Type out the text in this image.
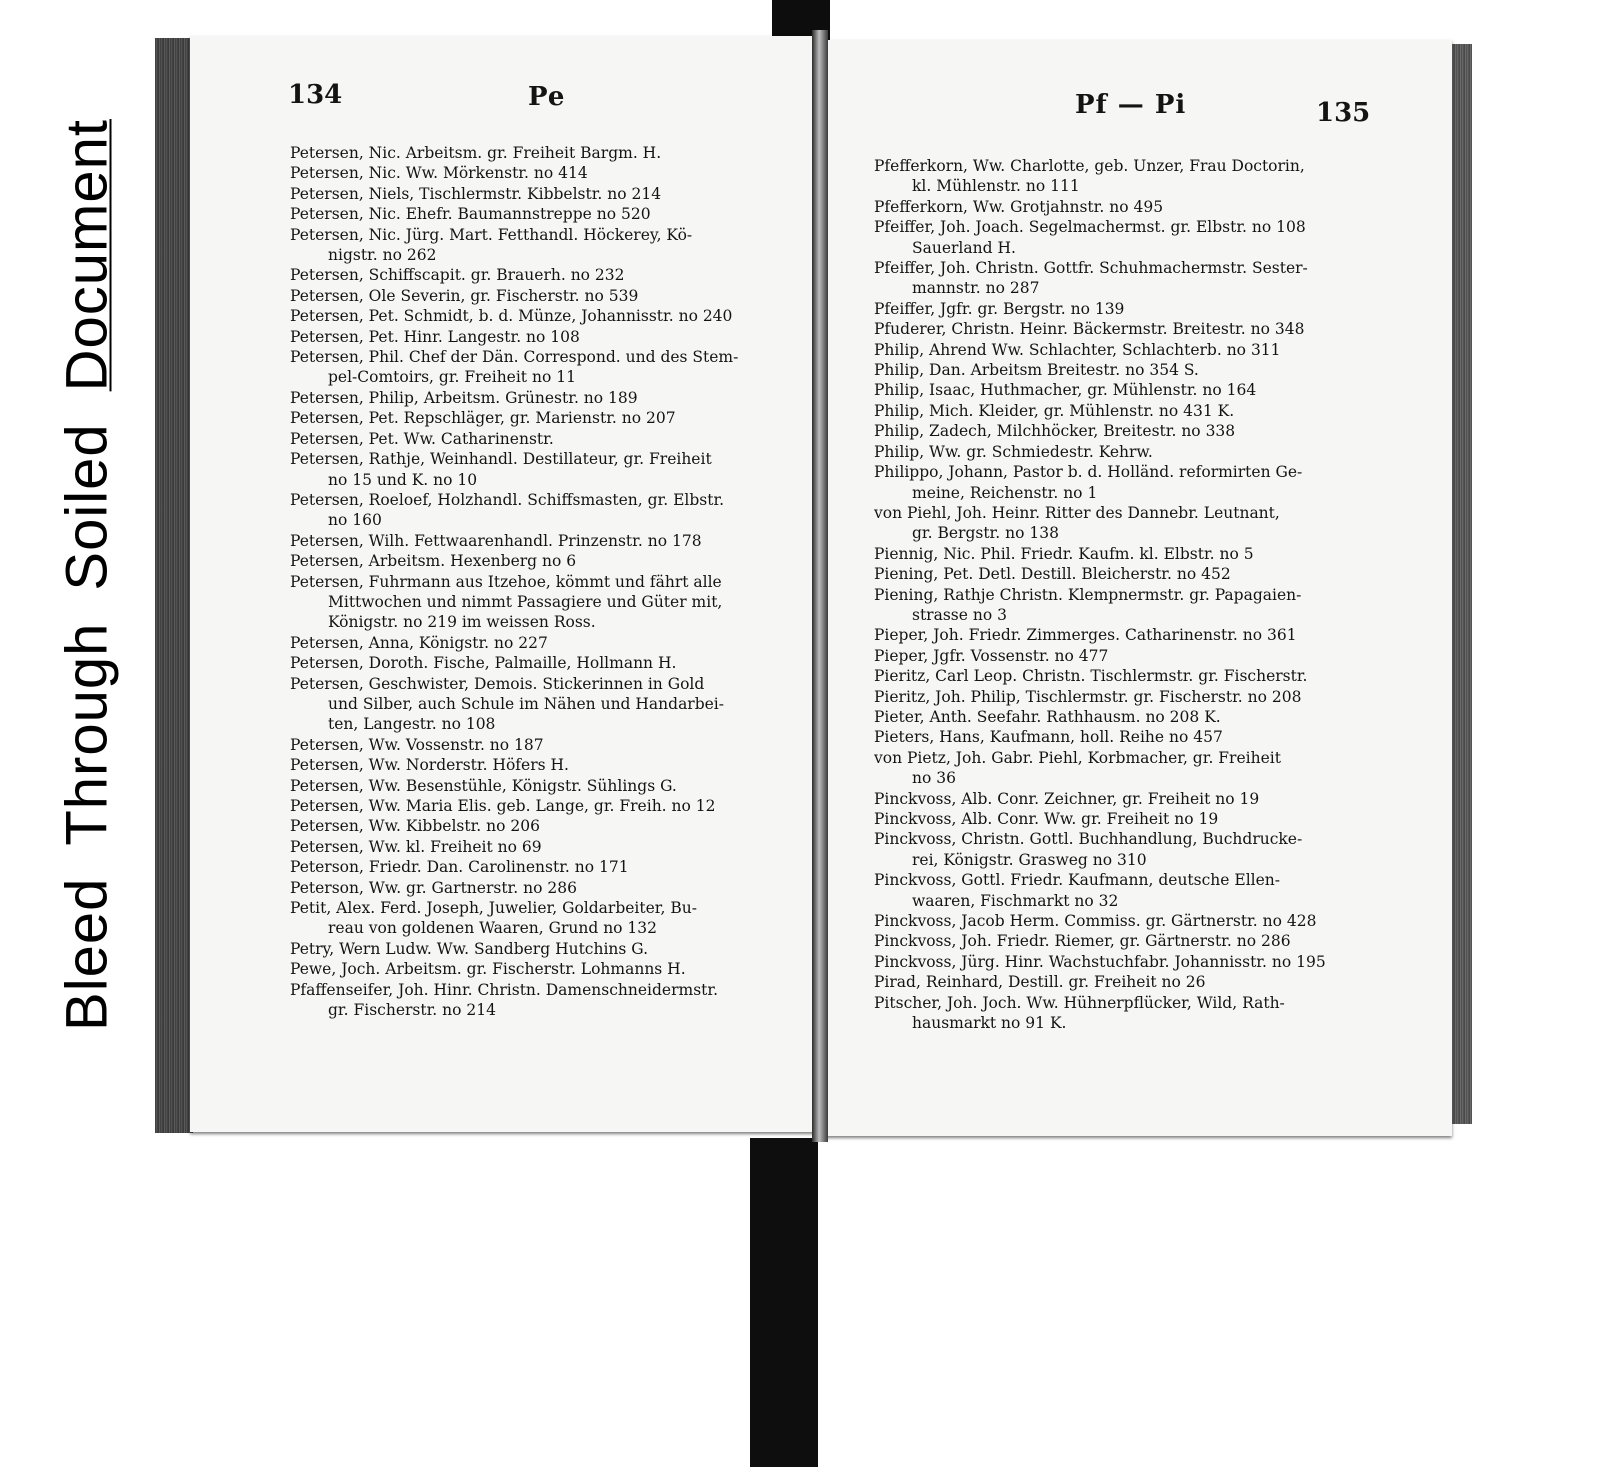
BleedThroughSoiledDocument
134	Pe	Pf — Pi	135
Petersen, Nic. Arbeitsm. gr. Freiheit Bargm. H.
Petersen, Nic. Ww. Mörkenstr. no 414
Petersen, Niels, Tischlermstr. Kibbelstr. no 214
Petersen, Nic. Ehefr. Baumannstreppe no 520
Petersen, Nic. Jürg. Mart. Fetthandl. Höckerey, Kö-
nigstr. no 262
Petersen, Schiffscapit. gr. Brauerh. no 232
Petersen, Ole Severin, gr. Fischerstr. no 539
Petersen, Pet. Schmidt, b. d. Münze, Johannisstr. no 240
Petersen, Pet. Hinr. Langestr. no 108
Petersen, Phil. Chef der Dän. Correspond. und des Stem-
pel-Comtoirs, gr. Freiheit no 11
Petersen, Philip, Arbeitsm. Grünestr. no 189
Petersen, Pet. Repschläger, gr. Marienstr. no 207
Petersen, Pet. Ww. Catharinenstr.
Petersen, Rathje, Weinhandl. Destillateur, gr. Freiheit
no 15 und K. no 10
Petersen, Roeloef, Holzhandl. Schiffsmasten, gr. Elbstr.
no 160
Petersen, Wilh. Fettwaarenhandl. Prinzenstr. no 178
Petersen, Arbeitsm. Hexenberg no 6
Petersen, Fuhrmann aus Itzehoe, kömmt und fährt alle
Mittwochen und nimmt Passagiere und Güter mit,
Königstr. no 219 im weissen Ross.
Petersen, Anna, Königstr. no 227
Petersen, Doroth. Fische, Palmaille, Hollmann H.
Petersen, Geschwister, Demois. Stickerinnen in Gold
und Silber, auch Schule im Nähen und Handarbei-
ten, Langestr. no 108
Petersen, Ww. Vossenstr. no 187
Petersen, Ww. Norderstr. Höfers H.
Petersen, Ww. Besenstühle, Königstr. Sühlings G.
Petersen, Ww. Maria Elis. geb. Lange, gr. Freih. no 12
Petersen, Ww. Kibbelstr. no 206
Petersen, Ww. kl. Freiheit no 69
Peterson, Friedr. Dan. Carolinenstr. no 171
Peterson, Ww. gr. Gartnerstr. no 286
Petit, Alex. Ferd. Joseph, Juwelier, Goldarbeiter, Bu-
reau von goldenen Waaren, Grund no 132
Petry, Wern Ludw. Ww. Sandberg Hutchins G.
Pewe, Joch. Arbeitsm. gr. Fischerstr. Lohmanns H.
Pfaffenseifer, Joh. Hinr. Christn. Damenschneidermstr.
gr. Fischerstr. no 214
Pfefferkorn, Ww. Charlotte, geb. Unzer, Frau Doctorin,
kl. Mühlenstr. no 111
Pfefferkorn, Ww. Grotjahnstr. no 495
Pfeiffer, Joh. Joach. Segelmachermst. gr. Elbstr. no 108
Sauerland H.
Pfeiffer, Joh. Christn. Gottfr. Schuhmachermstr. Sester-
mannstr. no 287
Pfeiffer, Jgfr. gr. Bergstr. no 139
Pfuderer, Christn. Heinr. Bäckermstr. Breitestr. no 348
Philip, Ahrend Ww. Schlachter, Schlachterb. no 311
Philip, Dan. Arbeitsm Breitestr. no 354 S.
Philip, Isaac, Huthmacher, gr. Mühlenstr. no 164
Philip, Mich. Kleider, gr. Mühlenstr. no 431 K.
Philip, Zadech, Milchhöcker, Breitestr. no 338
Philip, Ww. gr. Schmiedestr. Kehrw.
Philippo, Johann, Pastor b. d. Holländ. reformirten Ge-
meine, Reichenstr. no 1
von Piehl, Joh. Heinr. Ritter des Dannebr. Leutnant,
gr. Bergstr. no 138
Piennig, Nic. Phil. Friedr. Kaufm. kl. Elbstr. no 5
Piening, Pet. Detl. Destill. Bleicherstr. no 452
Piening, Rathje Christn. Klempnermstr. gr. Papagaien-
strasse no 3
Pieper, Joh. Friedr. Zimmerges. Catharinenstr. no 361
Pieper, Jgfr. Vossenstr. no 477
Pieritz, Carl Leop. Christn. Tischlermstr. gr. Fischerstr.
Pieritz, Joh. Philip, Tischlermstr. gr. Fischerstr. no 208
Pieter, Anth. Seefahr. Rathhausm. no 208 K.
Pieters, Hans, Kaufmann, holl. Reihe no 457
von Pietz, Joh. Gabr. Piehl, Korbmacher, gr. Freiheit
no 36
Pinckvoss, Alb. Conr. Zeichner, gr. Freiheit no 19
Pinckvoss, Alb. Conr. Ww. gr. Freiheit no 19
Pinckvoss, Christn. Gottl. Buchhandlung, Buchdrucke-
rei, Königstr. Grasweg no 310
Pinckvoss, Gottl. Friedr. Kaufmann, deutsche Ellen-
waaren, Fischmarkt no 32
Pinckvoss, Jacob Herm. Commiss. gr. Gärtnerstr. no 428
Pinckvoss, Joh. Friedr. Riemer, gr. Gärtnerstr. no 286
Pinckvoss, Jürg. Hinr. Wachstuchfabr. Johannisstr. no 195
Pirad, Reinhard, Destill. gr. Freiheit no 26
Pitscher, Joh. Joch. Ww. Hühnerpflücker, Wild, Rath-
hausmarkt no 91 K.
